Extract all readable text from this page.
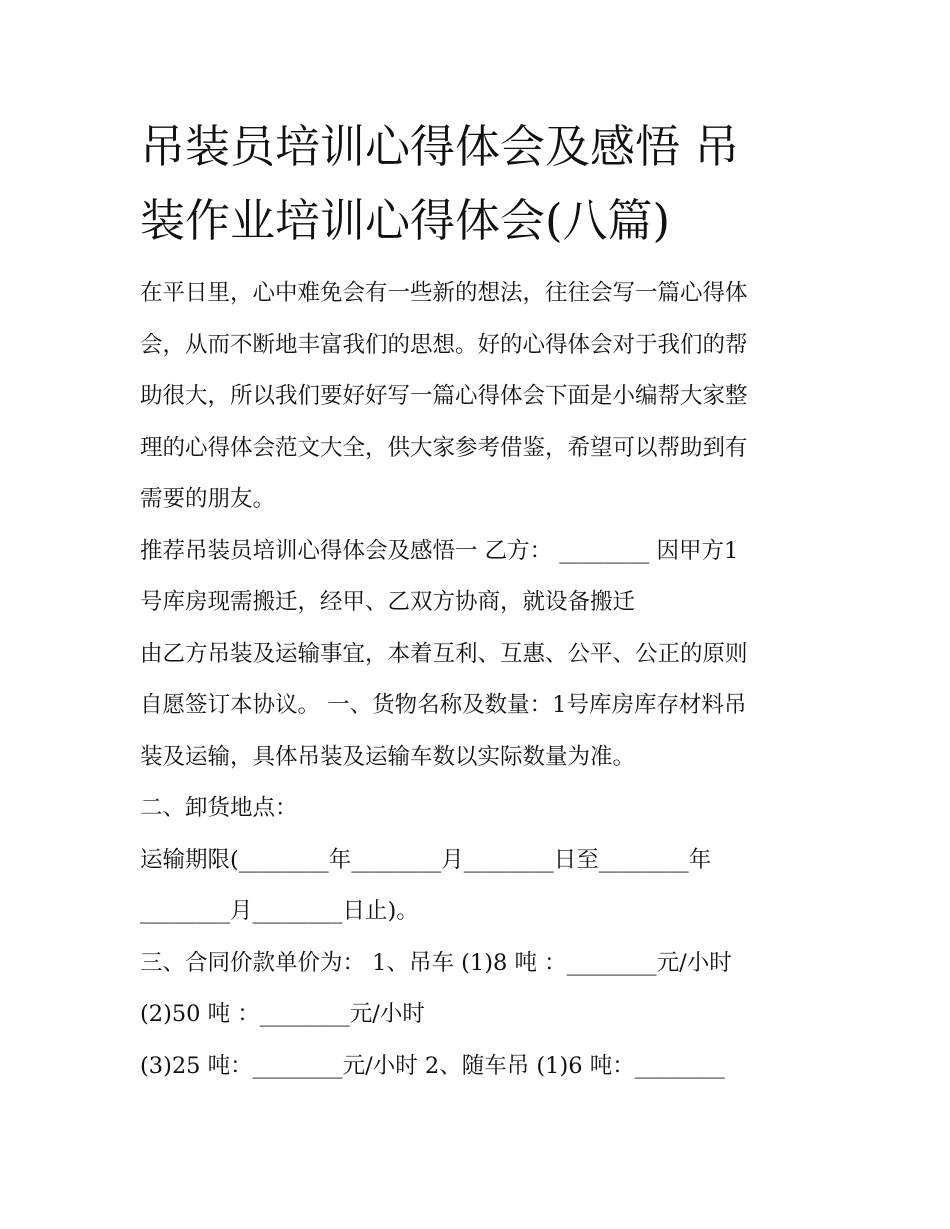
吊装员培训心得体会及感悟 吊
装作业培训心得体会(八篇)

在平日里，心中难免会有一些新的想法，往往会写一篇心得体

会，从而不断地丰富我们的思想。好的心得体会对于我们的帮

助很大，所以我们要好好写一篇心得体会下面是小编帮大家整

理的心得体会范文大全，供大家参考借鉴，希望可以帮助到有

需要的朋友。

推荐吊装员培训心得体会及感悟一 乙方： ________ 因甲方1

号库房现需搬迁，经甲、乙双方协商，就设备搬迁

由乙方吊装及运输事宜，本着互利、互惠、公平、公正的原则

自愿签订本协议。 一、货物名称及数量：1号库房库存材料吊

装及运输，具体吊装及运输车数以实际数量为准。

二、卸货地点：

运输期限(________年________月________日至________年

________月________日止)。

三、合同价款单价为： 1、吊车 (1)8 吨 ：________元/小时

(2)50 吨 ：________元/小时

(3)25 吨：________元/小时 2、随车吊 (1)6 吨：________
